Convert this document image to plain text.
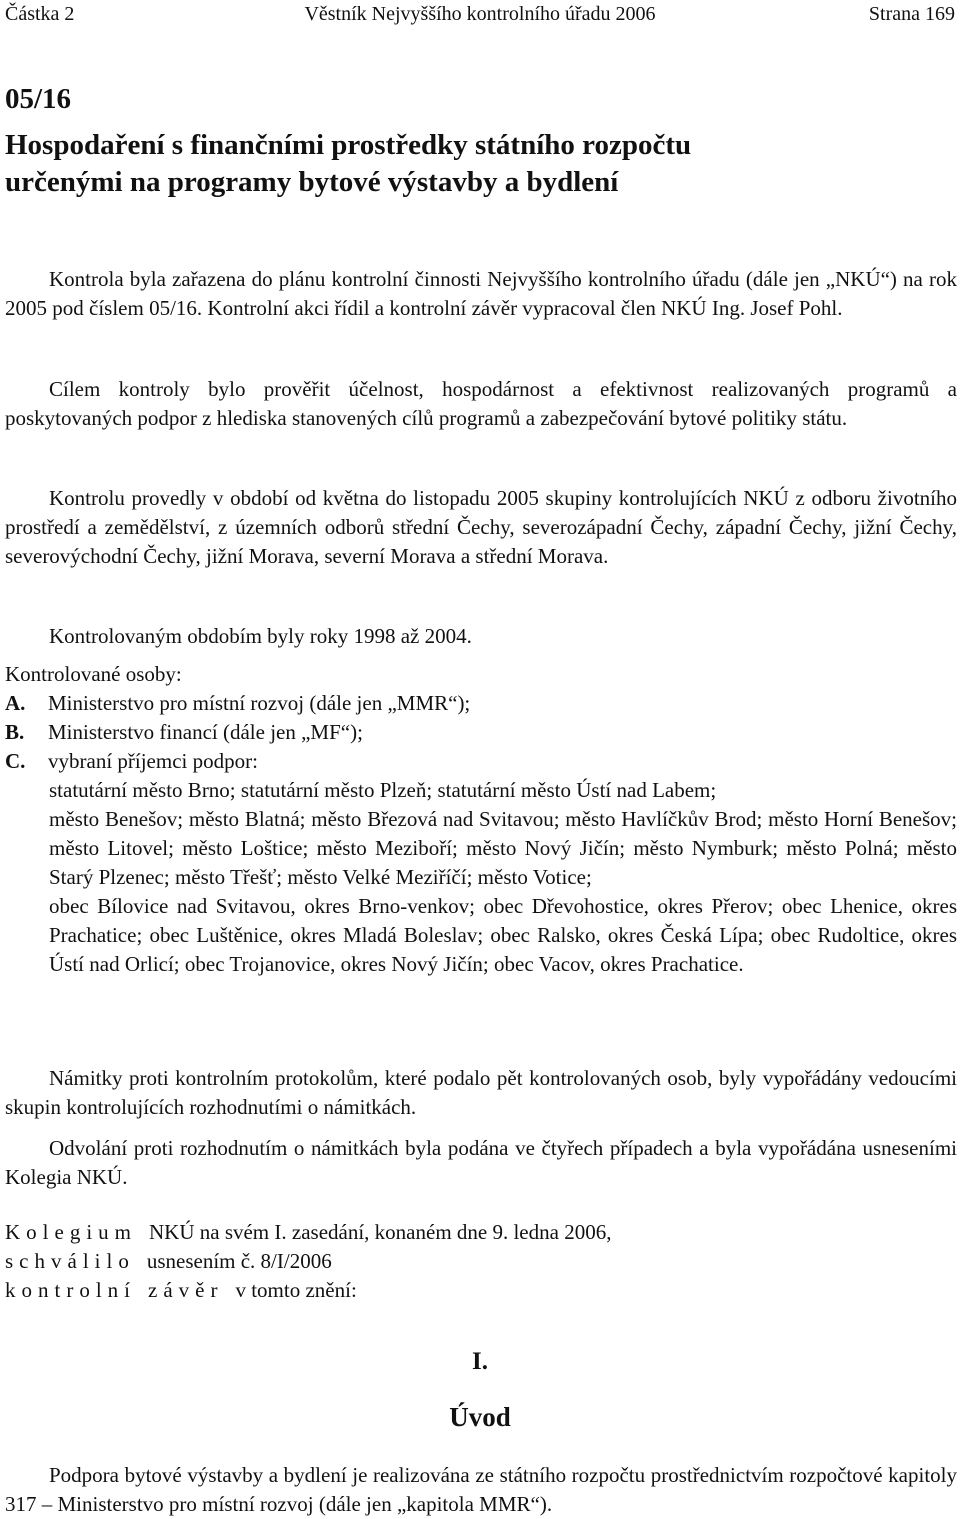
Částka 2	Věstník Nejvyššího kontrolního úřadu 2006	Strana 169
05/16
Hospodaření s finančními prostředky státního rozpočtu
určenými na programy bytové výstavby a bydlení

Kontrola byla zařazena do plánu kontrolní činnosti Nejvyššího kontrolního úřadu (dále jen „NKÚ“) na rok 2005 pod číslem 05/16. Kontrolní akci řídil a kontrolní závěr vypracoval člen NKÚ Ing. Josef Pohl.

Cílem kontroly bylo prověřit účelnost, hospodárnost a efektivnost realizovaných programů a poskytovaných podpor z hlediska stanovených cílů programů a zabezpečování bytové politiky státu.

Kontrolu provedly v období od května do listopadu 2005 skupiny kontrolujících NKÚ z odboru životního prostředí a zemědělství, z územních odborů střední Čechy, severozápadní Čechy, západní Čechy, jižní Čechy, severovýchodní Čechy, jižní Morava, severní Morava a střední Morava.

Kontrolovaným obdobím byly roky 1998 až 2004.

Kontrolované osoby:

A. Ministerstvo pro místní rozvoj (dále jen „MMR“);
B. Ministerstvo financí (dále jen „MF“);
C. vybraní příjemci podpor:

statutární město Brno; statutární město Plzeň; statutární město Ústí nad Labem;

město Benešov; město Blatná; město Březová nad Svitavou; město Havlíčkův Brod; město Horní Benešov; město Litovel; město Loštice; město Meziboří; město Nový Jičín; město Nymburk; město Polná; město Starý Plzenec; město Třešť; město Velké Meziříčí; město Votice;

obec Bílovice nad Svitavou, okres Brno-venkov; obec Dřevohostice, okres Přerov; obec Lhenice, okres Prachatice; obec Luštěnice, okres Mladá Boleslav; obec Ralsko, okres Česká Lípa; obec Rudoltice, okres Ústí nad Orlicí; obec Trojanovice, okres Nový Jičín; obec Vacov, okres Prachatice.

Námitky proti kontrolním protokolům, které podalo pět kontrolovaných osob, byly vypořádány vedoucími skupin kontrolujících rozhodnutími o námitkách.

Odvolání proti rozhodnutím o námitkách byla podána ve čtyřech případech a byla vypořádána usneseními Kolegia NKÚ.

Kolegium NKÚ na svém I. zasedání, konaném dne 9. ledna 2006,
schválilo usnesením č. 8/I/2006
kontrolní závěr v tomto znění:
I.
Úvod

Podpora bytové výstavby a bydlení je realizována ze státního rozpočtu prostřednictvím rozpočtové kapitoly 317 – Ministerstvo pro místní rozvoj (dále jen „kapitola MMR“).
